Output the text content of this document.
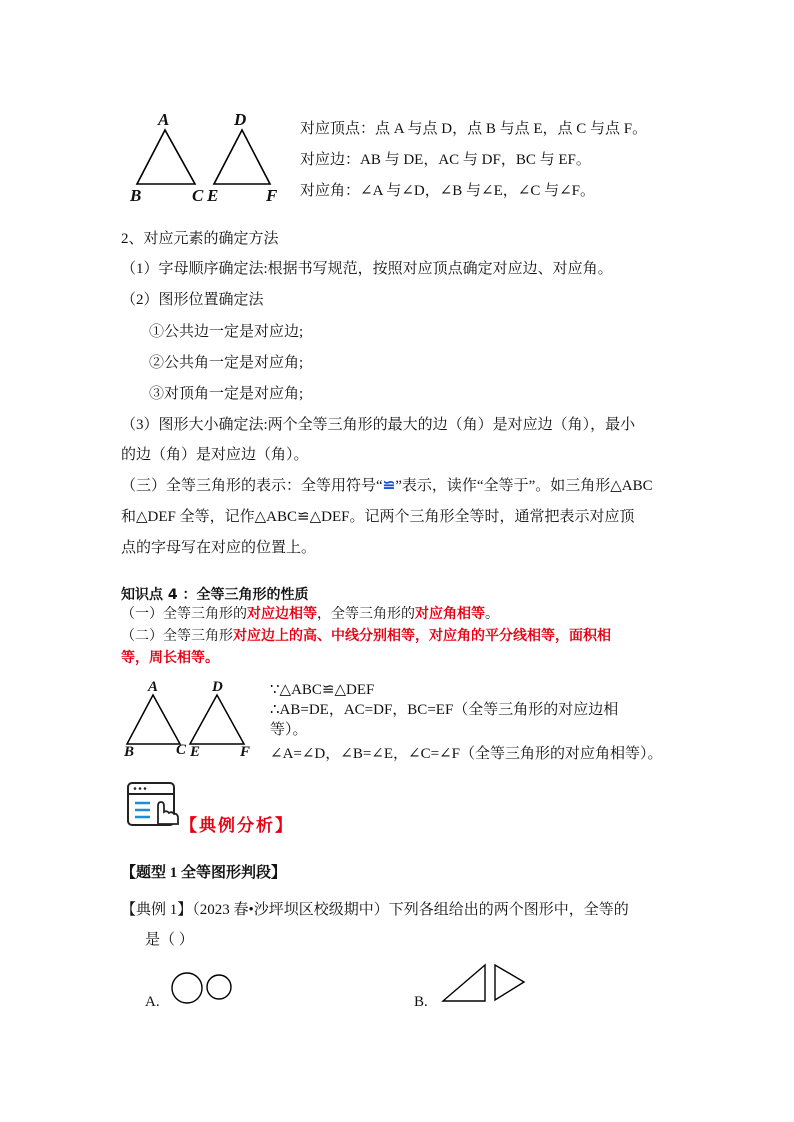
A
B	C
D
E	F
对应顶点：点 A 与点 D，点 B 与点 E，点 C 与点 F。
对应边：AB 与 DE，AC 与 DF，BC 与 EF。
对应角：∠A 与∠D，∠B 与∠E，∠C 与∠F。
2、对应元素的确定方法
（1）字母顺序确定法:根据书写规范，按照对应顶点确定对应边、对应角。
（2）图形位置确定法
①公共边一定是对应边;
②公共角一定是对应角;
③对顶角一定是对应角;
（3）图形大小确定法:两个全等三角形的最大的边（角）是对应边（角），最小
的边（角）是对应边（角）。
（三）全等三角形的表示：全等用符号“≌”表示，读作“全等于”。如三角形△ABC
和△DEF 全等，记作△ABC≌△DEF。记两个三角形全等时，通常把表示对应顶
点的字母写在对应的位置上。
知识点 4 ：全等三角形的性质
（一）全等三角形的对应边相等，全等三角形的对应角相等。
（二）全等三角形对应边上的高、中线分别相等，对应角的平分线相等，面积相
等，周长相等。
A
B	C
D
E	F
∵△ABC≌△DEF
∴AB=DE，AC=DF，BC=EF（全等三角形的对应边相
等）。
∠A=∠D，∠B=∠E，∠C=∠F（全等三角形的对应角相等）。
【典例分析】
【题型 1 全等图形判段】
【典例 1】（2023 春•沙坪坝区校级期中）下列各组给出的两个图形中，全等的
是（ ）
A.	B.
